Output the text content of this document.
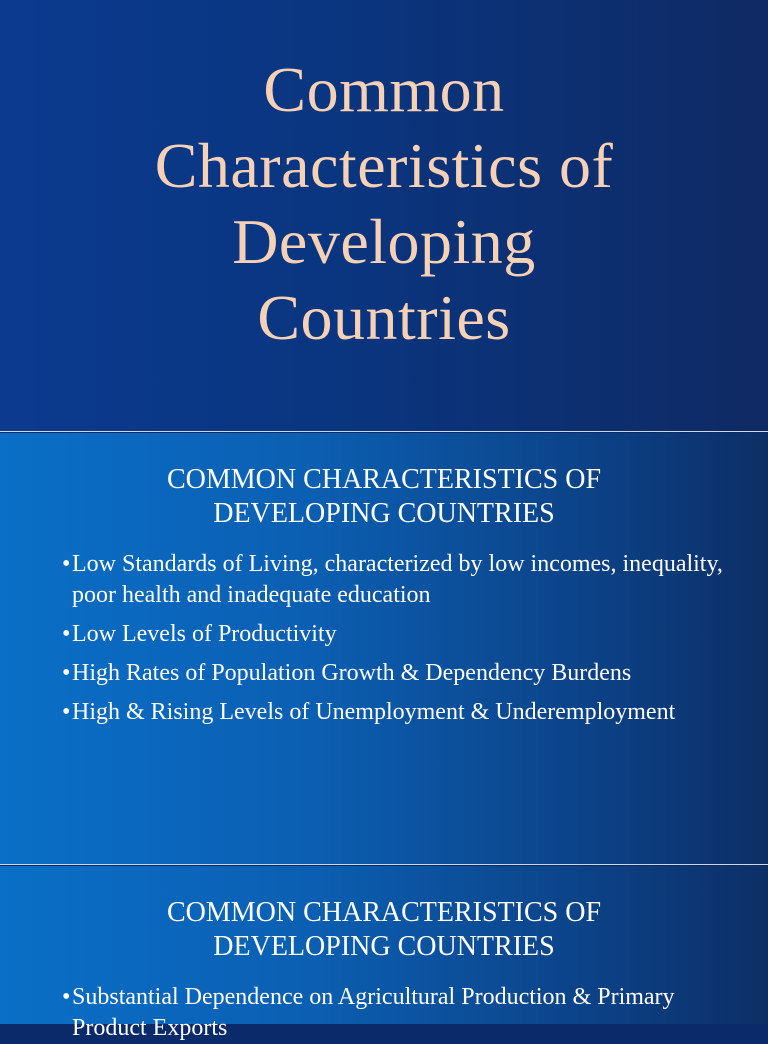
Common
Characteristics of
Developing
Countries
COMMON CHARACTERISTICS OF
DEVELOPING COUNTRIES
• Low Standards of Living, characterized by low incomes, inequality, poor health and inadequate education
• Low Levels of Productivity
• High Rates of Population Growth & Dependency Burdens
• High & Rising Levels of Unemployment & Underemployment
COMMON CHARACTERISTICS OF
DEVELOPING COUNTRIES
• Substantial Dependence on Agricultural Production & Primary Product Exports
